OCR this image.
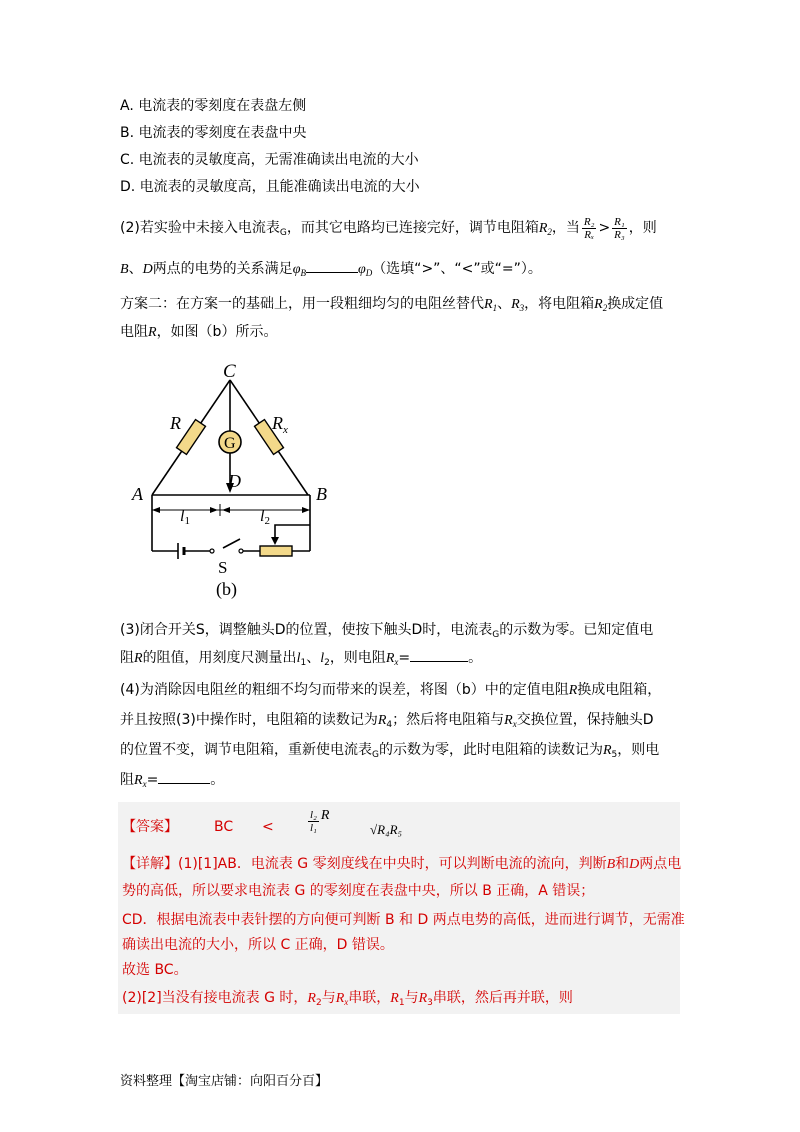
A. 电流表的零刻度在表盘左侧
B. 电流表的零刻度在表盘中央
C. 电流表的灵敏度高，无需准确读出电流的大小
D. 电流表的灵敏度高，且能准确读出电流的大小
(2)若实验中未接入电流表$_G$，而其它电路均已连接完好，调节电阻箱$R_2$，当 $\frac{\text{R₂}}{\text{Rₓ}} > \frac{\text{R₁}}{\text{R₃}}$ ，则
B、D两点的电势的关系满足$\varphi_B$	$\varphi_D$（选填“>”、“<”或“=”）。
方案二：在方案一的基础上，用一段粗细均匀的电阻丝替代$R_1$、$R_3$，将电阻箱$R_2$换成定值
电阻R，如图（b）所示。
C
R	$R_x$
G
D
A	B
l1	l2
S
(b)
(3)闭合开关S，调整触头D的位置，使按下触头D时，电流表$_G$的示数为零。已知定值电
阻R的阻值，用刻度尺测量出$l_1$、$l_2$，则电阻$R_x=$	。
(4)为消除因电阻丝的粗细不均匀而带来的误差，将图（b）中的定值电阻R换成电阻箱，
并且按照(3)中操作时，电阻箱的读数记为$R_4$；然后将电阻箱与$R_x$交换位置，保持触头D
的位置不变，调节电阻箱，重新使电流表$_G$的示数为零，此时电阻箱的读数记为$R_5$，则电
阻$R_x=$	。
【答案】	BC <	$\frac{\text{l₂}}{\text{l₁}}$ R
√R₄R₅
【详解】(1)[1]AB．电流表 G 零刻度线在中央时，可以判断电流的流向，判断B和D两点电
势的高低，所以要求电流表 G 的零刻度在表盘中央，所以 B 正确，A 错误；
CD．根据电流表中表针摆的方向便可判断 B 和 D 两点电势的高低，进而进行调节，无需准
确读出电流的大小，所以 C 正确，D 错误。
故选 BC。
(2)[2]当没有接电流表 G 时，$R_2$与$R_x$串联，$R_1$与$R_3$串联，然后再并联，则
资料整理【淘宝店铺：向阳百分百】
